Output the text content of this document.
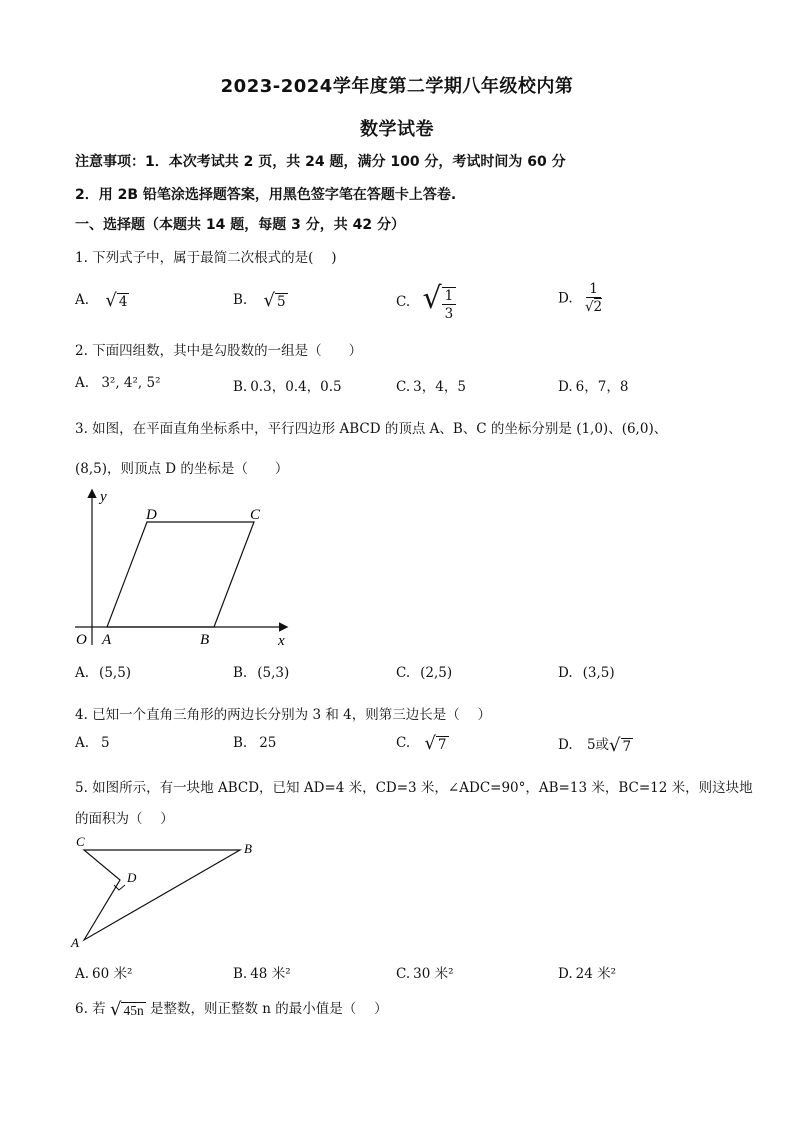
2023-2024学年度第二学期八年级校内第
数学试卷
注意事项：1．本次考试共 2 页，共 24 题，满分 100 分，考试时间为 60 分
2．用 2B 铅笔涂选择题答案，用黑色签字笔在答题卡上答卷.
一、选择题（本题共 14 题，每题 3 分，共 42 分）
1. 下列式子中，属于最简二次根式的是(　 )
A. √ 4	B. √ 5	C. √ $\frac{1}{3}$	D. $\frac{1}{√2}$
2. 下面四组数，其中是勾股数的一组是（　　）
A. 3², 4², 5²	B. 0.3，0.4，0.5	C. 3，4，5	D. 6，7，8
3. 如图，在平面直角坐标系中，平行四边形 ABCD 的顶点 A、B、C 的坐标分别是 (1,0)、(6,0)、
(8,5)，则顶点 D 的坐标是（　　）
y
x
O A	B
C
D
A. (5,5)	B. (5,3)	C. (2,5)	D. (3,5)
4. 已知一个直角三角形的两边长分别为 3 和 4，则第三边长是（　 ）
A. 5	B. 25	C. √ 7	D. 5或√ 7
5. 如图所示，有一块地 ABCD，已知 AD=4 米，CD=3 米，∠ADC=90°，AB=13 米，BC=12 米，则这块地
的面积为（　 ）
C	B
D
A
A. 60 米²	B. 48 米²	C. 30 米²	D. 24 米²
6. 若 √ 45n 是整数，则正整数 n 的最小值是（　 ）
